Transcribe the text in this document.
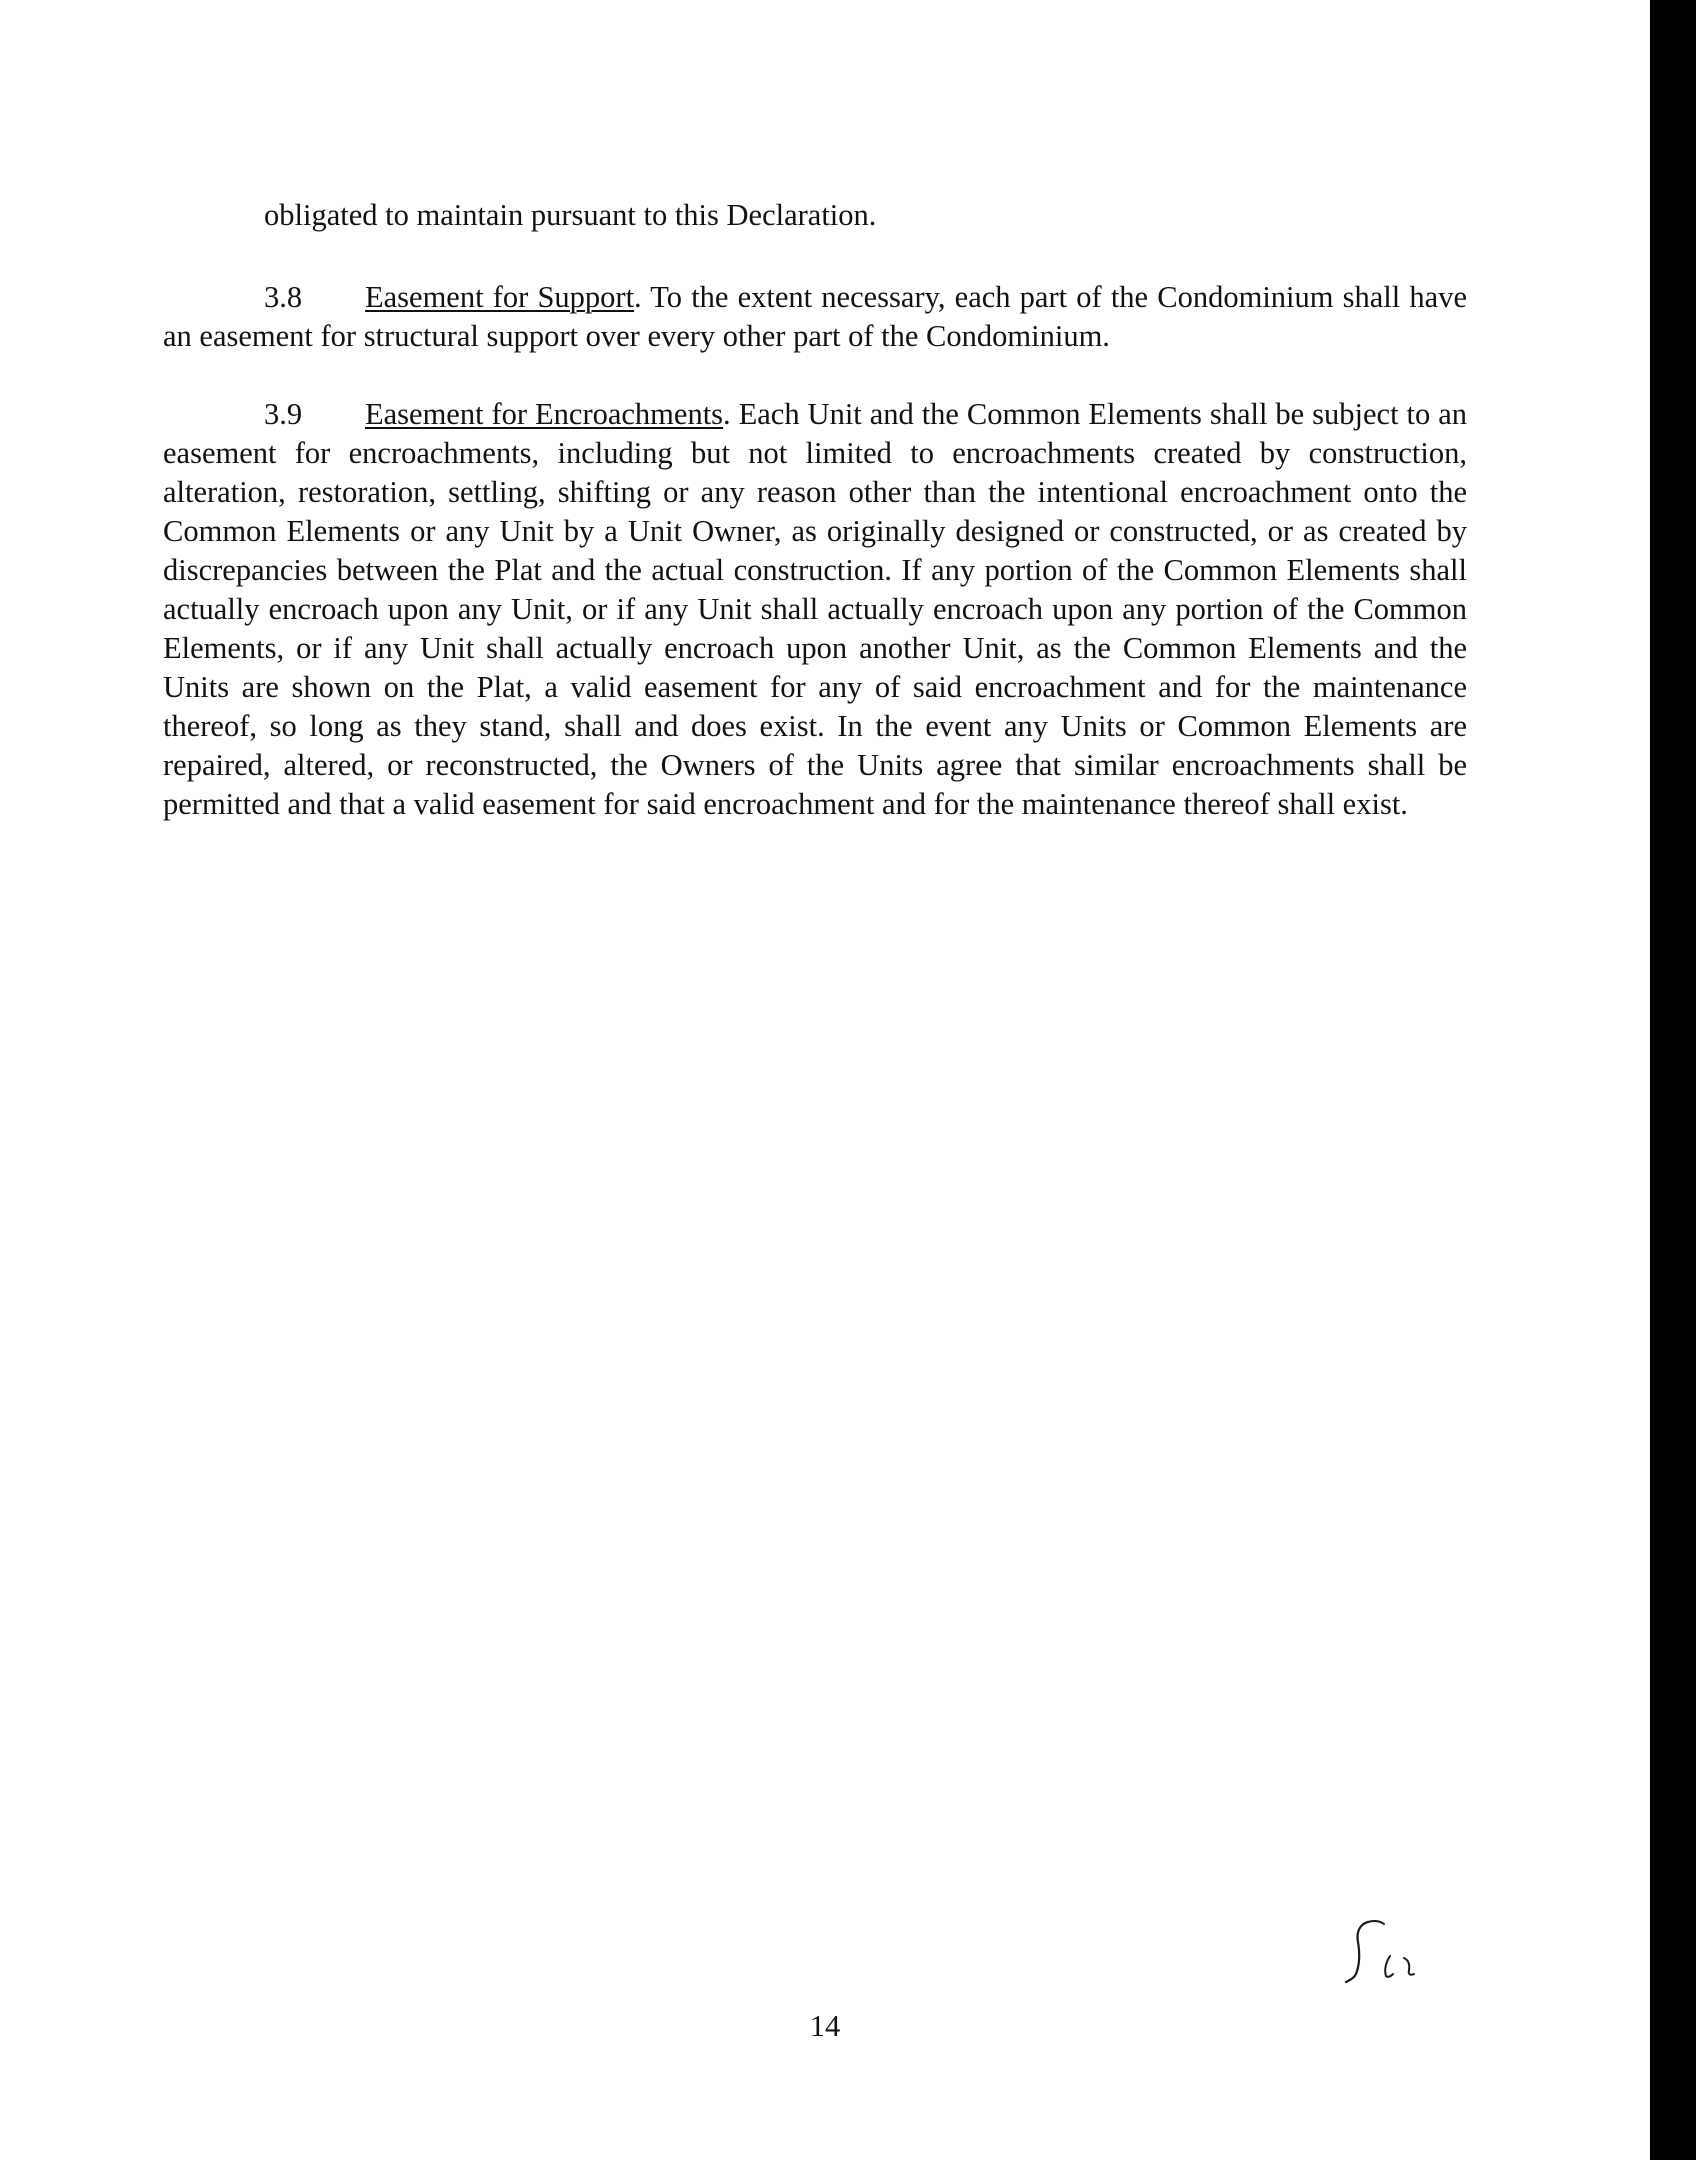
obligated to maintain pursuant to this Declaration.
3.8 Easement for Support. To the extent necessary, each part of the Condominium shall have an easement for structural support over every other part of the Condominium.
3.9 Easement for Encroachments. Each Unit and the Common Elements shall be subject to an easement for encroachments, including but not limited to encroachments created by construction, alteration, restoration, settling, shifting or any reason other than the intentional encroachment onto the Common Elements or any Unit by a Unit Owner, as originally designed or constructed, or as created by discrepancies between the Plat and the actual construction. If any portion of the Common Elements shall actually encroach upon any Unit, or if any Unit shall actually encroach upon any portion of the Common Elements, or if any Unit shall actually encroach upon another Unit, as the Common Elements and the Units are shown on the Plat, a valid easement for any of said encroachment and for the maintenance thereof, so long as they stand, shall and does exist. In the event any Units or Common Elements are repaired, altered, or reconstructed, the Owners of the Units agree that similar encroachments shall be permitted and that a valid easement for said encroachment and for the maintenance thereof shall exist.
14
